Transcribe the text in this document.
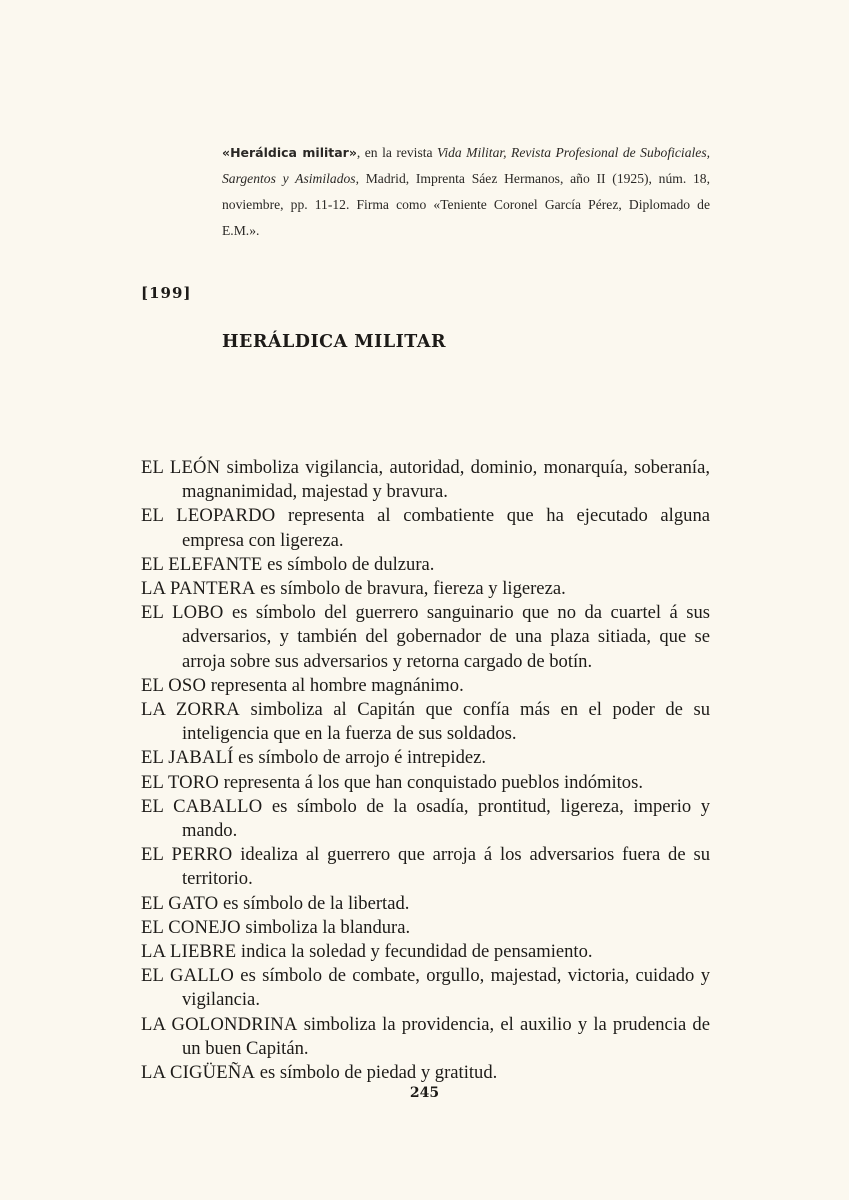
«Heráldica militar», en la revista Vida Militar, Revista Profesional de Suboficiales, Sargentos y Asimilados, Madrid, Imprenta Sáez Hermanos, año II (1925), núm. 18, noviembre, pp. 11-12. Firma como «Teniente Coronel García Pérez, Diplomado de E.M.».
[199]
HERÁLDICA MILITAR

EL LEÓN simboliza vigilancia, autoridad, dominio, monarquía, soberanía, magnanimidad, majestad y bravura.

EL LEOPARDO representa al combatiente que ha ejecutado alguna empresa con ligereza.

EL ELEFANTE es símbolo de dulzura.

LA PANTERA es símbolo de bravura, fiereza y ligereza.

EL LOBO es símbolo del guerrero sanguinario que no da cuartel á sus adversarios, y también del gobernador de una plaza sitiada, que se arroja sobre sus adversarios y retorna cargado de botín.

EL OSO representa al hombre magnánimo.

LA ZORRA simboliza al Capitán que confía más en el poder de su inteligencia que en la fuerza de sus soldados.

EL JABALÍ es símbolo de arrojo é intrepidez.

EL TORO representa á los que han conquistado pueblos indómitos.

EL CABALLO es símbolo de la osadía, prontitud, ligereza, imperio y mando.

EL PERRO idealiza al guerrero que arroja á los adversarios fuera de su territorio.

EL GATO es símbolo de la libertad.

EL CONEJO simboliza la blandura.

LA LIEBRE indica la soledad y fecundidad de pensamiento.

EL GALLO es símbolo de combate, orgullo, majestad, victoria, cuidado y vigilancia.

LA GOLONDRINA simboliza la providencia, el auxilio y la prudencia de un buen Capitán.

LA CIGÜEÑA es símbolo de piedad y gratitud.

245
